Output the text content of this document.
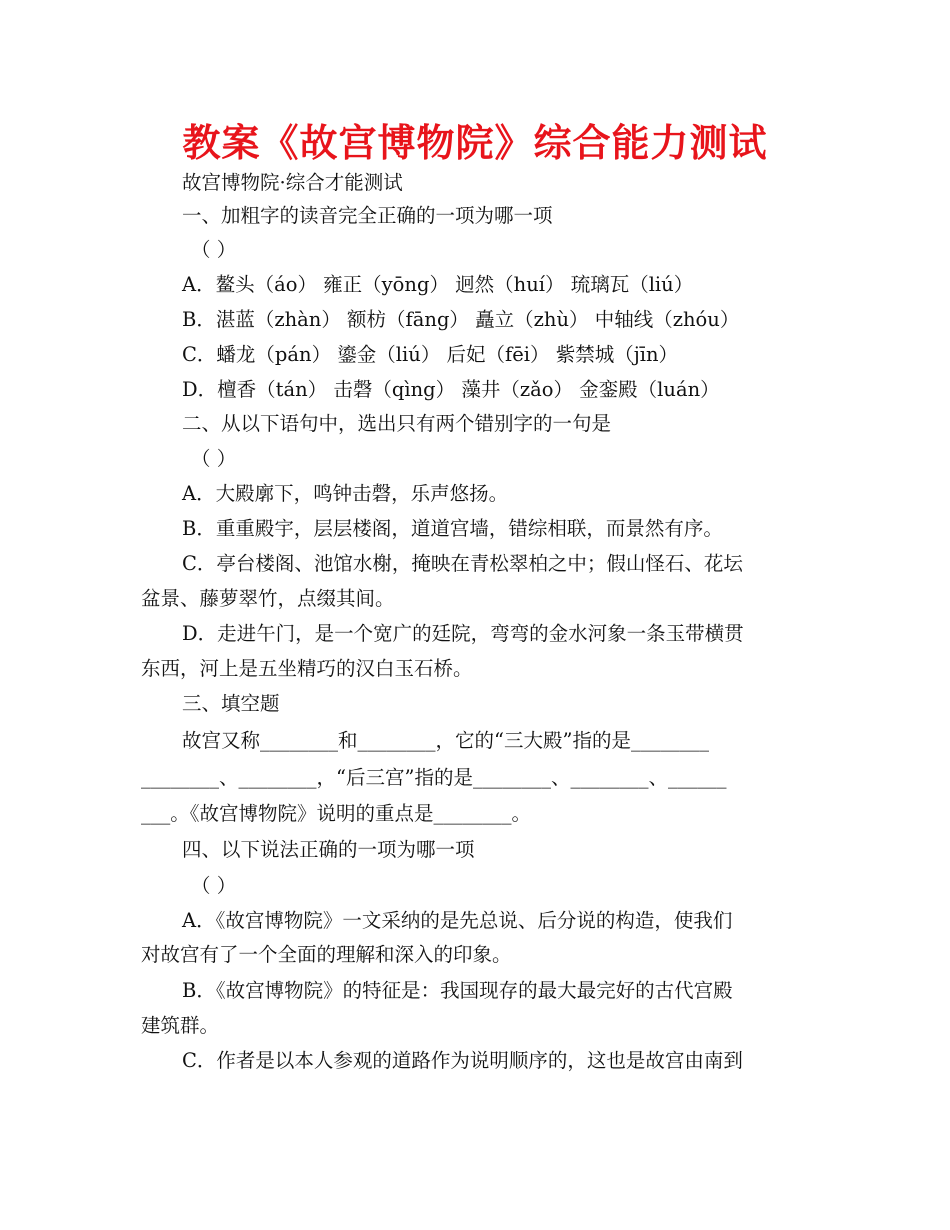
教案《故宫博物院》综合能力测试
故宫博物院·综合才能测试
一、加粗字的读音完全正确的一项为哪一项
（ ）
A．鳌头（áo） 雍正（yōng） 迥然（huí） 琉璃瓦（liú）
B．湛蓝（zhàn） 额枋（fāng） 矗立（zhù） 中轴线（zhóu）
C．蟠龙（pán） 鎏金（liú） 后妃（fēi） 紫禁城（jīn）
D．檀香（tán） 击磬（qìng） 藻井（zǎo） 金銮殿（luán）
二、从以下语句中，选出只有两个错别字的一句是
（ ）
A．大殿廓下，鸣钟击磬，乐声悠扬。
B．重重殿宇，层层楼阁，道道宫墙，错综相联，而景然有序。
C．亭台楼阁、池馆水榭，掩映在青松翠柏之中；假山怪石、花坛
盆景、藤萝翠竹，点缀其间。
D．走进午门，是一个宽广的廷院，弯弯的金水河象一条玉带横贯
东西，河上是五坐精巧的汉白玉石桥。
三、填空题
故宫又称________和________，它的“三大殿”指的是________
________、________，“后三宫”指的是________、________、______
___。《故宫博物院》说明的重点是________。
四、以下说法正确的一项为哪一项
（ ）
A．《故宫博物院》一文采纳的是先总说、后分说的构造，使我们
对故宫有了一个全面的理解和深入的印象。
B．《故宫博物院》的特征是：我国现存的最大最完好的古代宫殿
建筑群。
C．作者是以本人参观的道路作为说明顺序的，这也是故宫由南到
